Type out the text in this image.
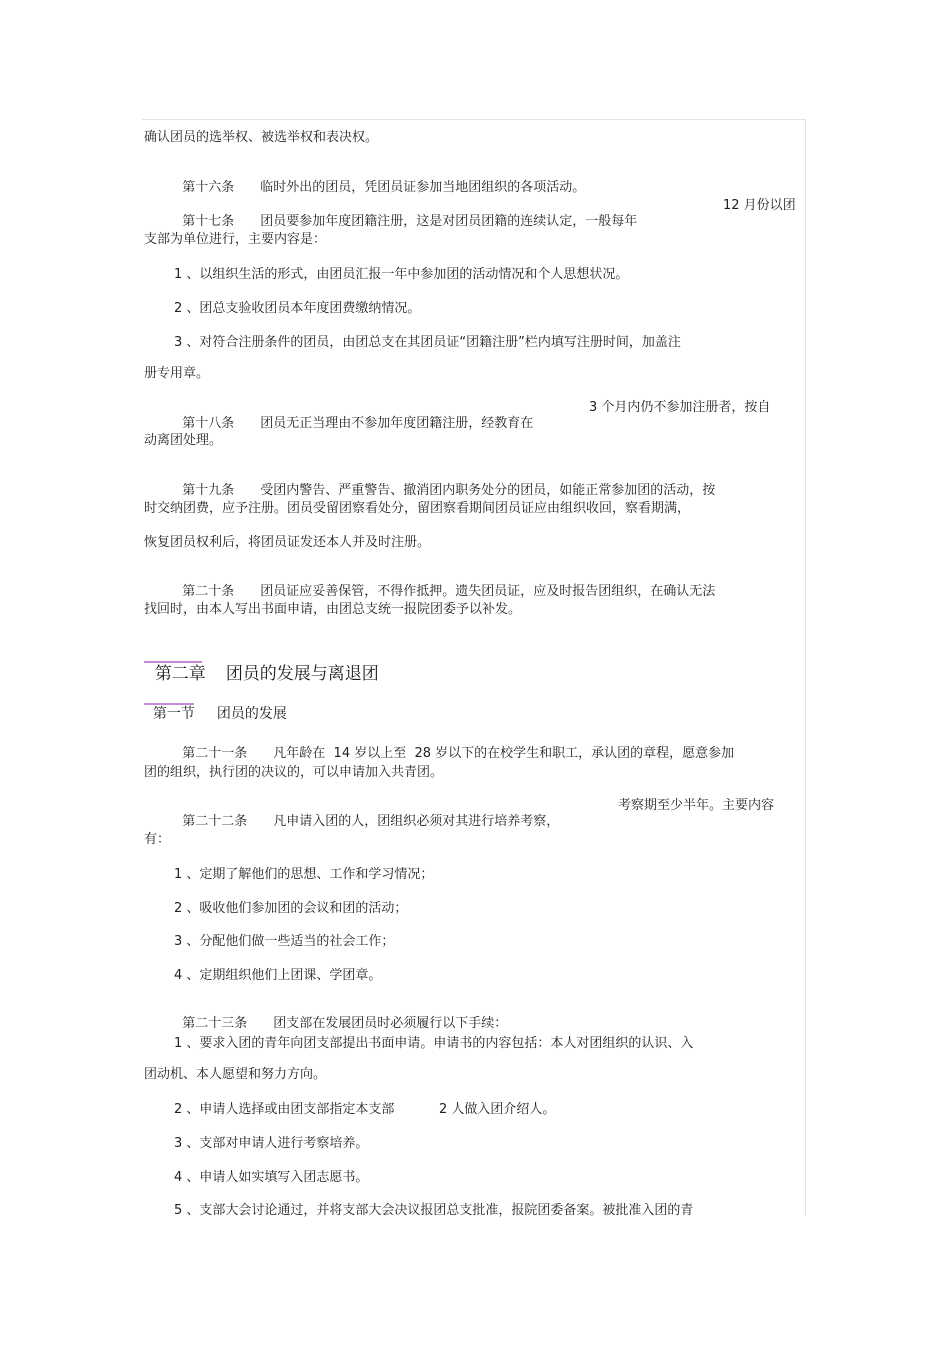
确认团员的选举权、被选举权和表决权。

第十六条 临时外出的团员，凭团员证参加当地团组织的各项活动。

第十七条 团员要参加年度团籍注册，这是对团员团籍的连续认定，一般每年

12 月份以团
支部为单位进行，主要内容是：
1 、以组织生活的形式，由团员汇报一年中参加团的活动情况和个人思想状况。
2 、团总支验收团员本年度团费缴纳情况。
3 、对符合注册条件的团员，由团总支在其团员证“团籍注册”栏内填写注册时间，加盖注
册专用章。

第十八条 团员无正当理由不参加年度团籍注册，经教育在

3 个月内仍不参加注册者，按自
动离团处理。

第十九条 受团内警告、严重警告、撤消团内职务处分的团员，如能正常参加团的活动，按

时交纳团费，应予注册。团员受留团察看处分，留团察看期间团员证应由组织收回，察看期满，
恢复团员权利后，将团员证发还本人并及时注册。

第二十条 团员证应妥善保管，不得作抵押。遗失团员证，应及时报告团组织，在确认无法

找回时，由本人写出书面申请，由团总支统一报院团委予以补发。

第二章 团员的发展与离退团

第一节 团员的发展

第二十一条 凡年龄在  14 岁以上至  28 岁以下的在校学生和职工，承认团的章程，愿意参加

团的组织，执行团的决议的，可以申请加入共青团。

第二十二条 凡申请入团的人，团组织必须对其进行培养考察，

考察期至少半年。主要内容
有：
1 、定期了解他们的思想、工作和学习情况；
2 、吸收他们参加团的会议和团的活动；
3 、分配他们做一些适当的社会工作；
4 、定期组织他们上团课、学团章。

第二十三条 团支部在发展团员时必须履行以下手续：

1 、要求入团的青年向团支部提出书面申请。申请书的内容包括：本人对团组织的认识、入
团动机、本人愿望和努力方向。
2 、申请人选择或由团支部指定本支部	2 人做入团介绍人。
3 、支部对申请人进行考察培养。
4 、申请人如实填写入团志愿书。
5 、支部大会讨论通过，并将支部大会决议报团总支批准，报院团委备案。被批准入团的青
